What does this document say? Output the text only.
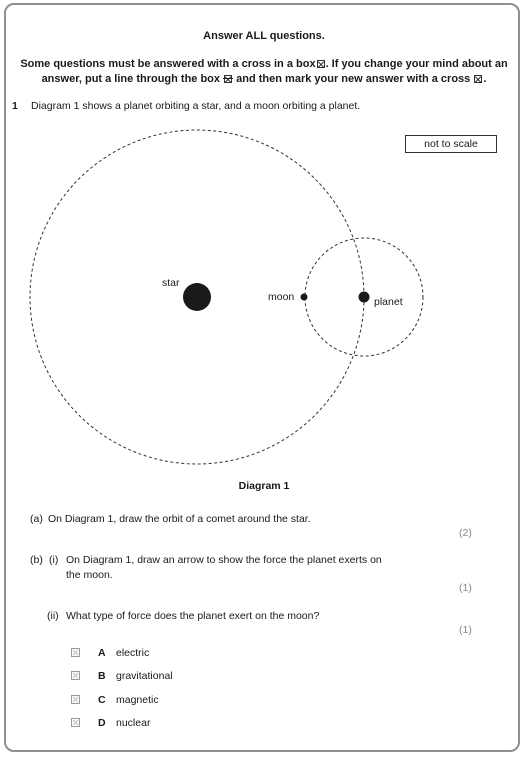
Answer ALL questions.
Some questions must be answered with a cross in a box☒. If you change your mind about an
answer, put a line through the box and then mark your new answer with a cross ☒.
1 Diagram 1 shows a planet orbiting a star, and a moon orbiting a planet.
not to scale
star
moon	planet
Diagram 1
(a) On Diagram 1, draw the orbit of a comet around the star.
(2)
(b) (i) On Diagram 1, draw an arrow to show the force the planet exerts on
the moon.
(1)
(ii) What type of force does the planet exert on the moon?
(1)
A electric
B gravitational
C magnetic
D nuclear
